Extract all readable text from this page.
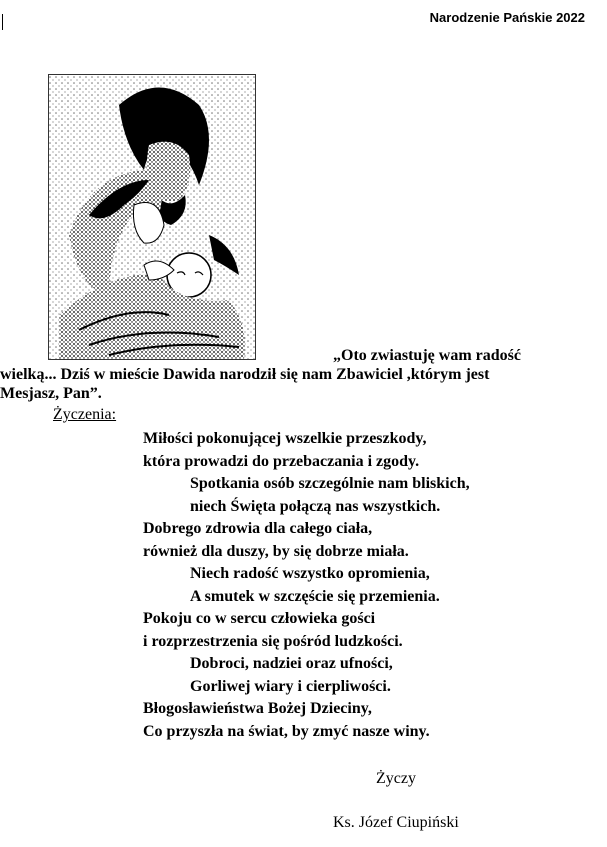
Narodzenie Pańskie 2022
„Oto zwiastuję wam radość
wielką... Dziś w mieście Dawida narodził się nam Zbawiciel ,którym jest
Mesjasz, Pan”.
Życzenia:
Miłości pokonującej wszelkie przeszkody,
która prowadzi do przebaczania i zgody.
Spotkania osób szczególnie nam bliskich,
niech Święta połączą nas wszystkich.
Dobrego zdrowia dla całego ciała,
również dla duszy, by się dobrze miała.
Niech radość wszystko opromienia,
A smutek w szczęście się przemienia.
Pokoju co w sercu człowieka gości
i rozprzestrzenia się pośród ludzkości.
Dobroci, nadziei oraz ufności,
Gorliwej wiary i cierpliwości.
Błogosławieństwa Bożej Dzieciny,
Co przyszła na świat, by zmyć nasze winy.
Życzy
Ks. Józef Ciupiński
